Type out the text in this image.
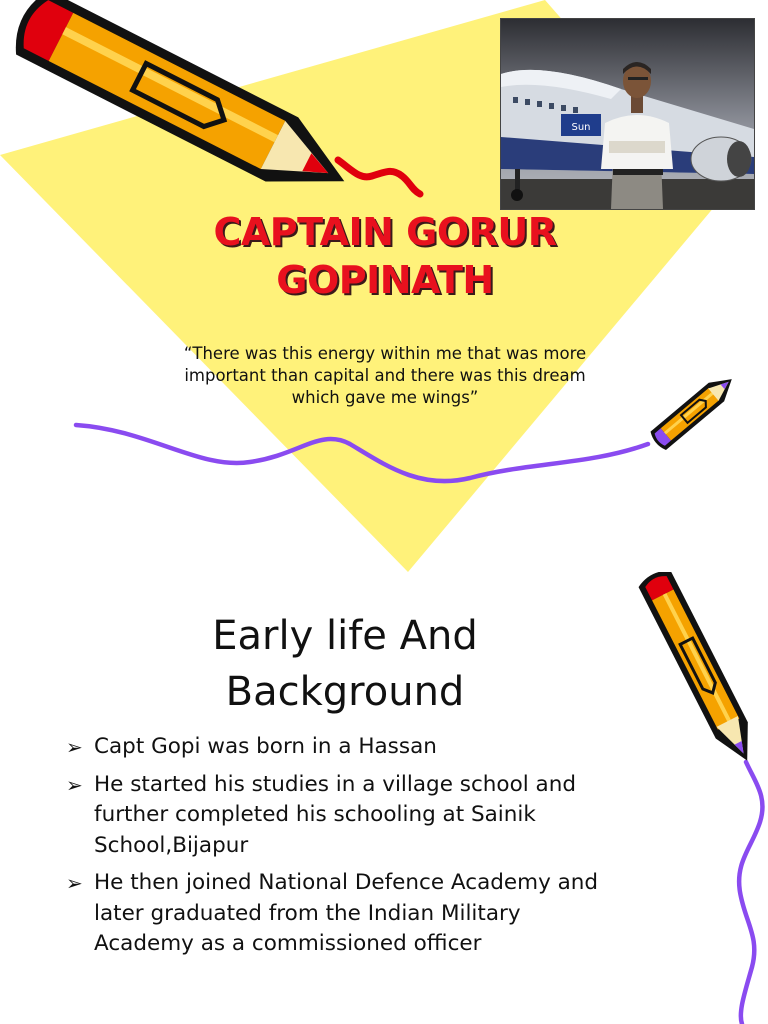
Sun
CAPTAIN GORUR
GOPINATH
“There was this energy within me that was more
important than capital and there was this dream
which gave me wings”
Early life And
Background
➢ Capt Gopi was born in a Hassan
➢ He started his studies in a village school and
further completed his schooling at Sainik
School,Bijapur
➢ He then joined National Defence Academy and
later graduated from the Indian Military
Academy as a commissioned officer
